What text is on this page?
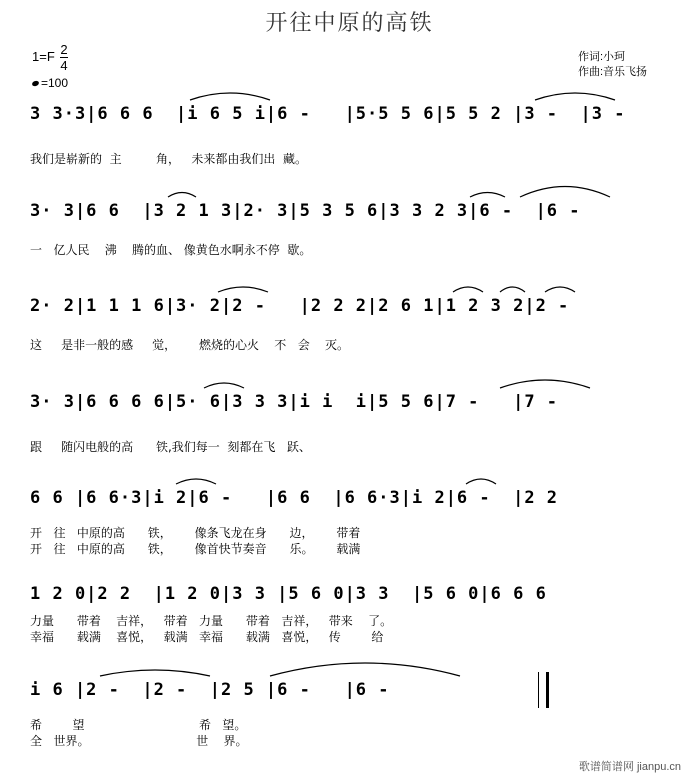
开往中原的高铁
$1=F \frac{2}{4}$
=100
作词:小珂
作曲:音乐飞扬
3 3·3|6 6 6  |i 6 5 i|6 -   |5·5 5 6|5 5 2 |3 -  |3 -
我们是崭新的  主         角，   未来都由我们出  藏。
3· 3|6 6  |3 2 1 3|2· 3|5 3 5 6|3 3 2 3|6 -  |6 -
一   亿人民    沸    腾的血、 像黄色水啊永不停  歇。
2· 2|1 1 1 6|3· 2|2 -   |2 2 2|2 6 1|1 2 3 2|2 -
这     是非一般的感     觉，      燃烧的心火    不   会    灭。
3· 3|6 6 6 6|5· 6|3 3 3|i i  i|5 5 6|7 -   |7 -
跟     随闪电般的高      铁,我们每一  刻都在飞   跃、
6 6 |6 6·3|i 2|6 -   |6 6  |6 6·3|i 2|6 -  |2 2
开   往   中原的高      铁，      像条飞龙在身      边，      带着
开   往   中原的高      铁，      像首快节奏音      乐。      载满
1 2 0|2 2  |1 2 0|3 3 |5 6 0|3 3  |5 6 0|6 6 6
力量      带着    吉祥，   带着   力量      带着   吉祥，   带来    了。
幸福      载满    喜悦，   载满   幸福      载满   喜悦，   传        给
i 6 |2 -  |2 -  |2 5 |6 -   |6 -
希        望                              希   望。
全   世界。                            世    界。
歌谱简谱网 jianpu.cn
